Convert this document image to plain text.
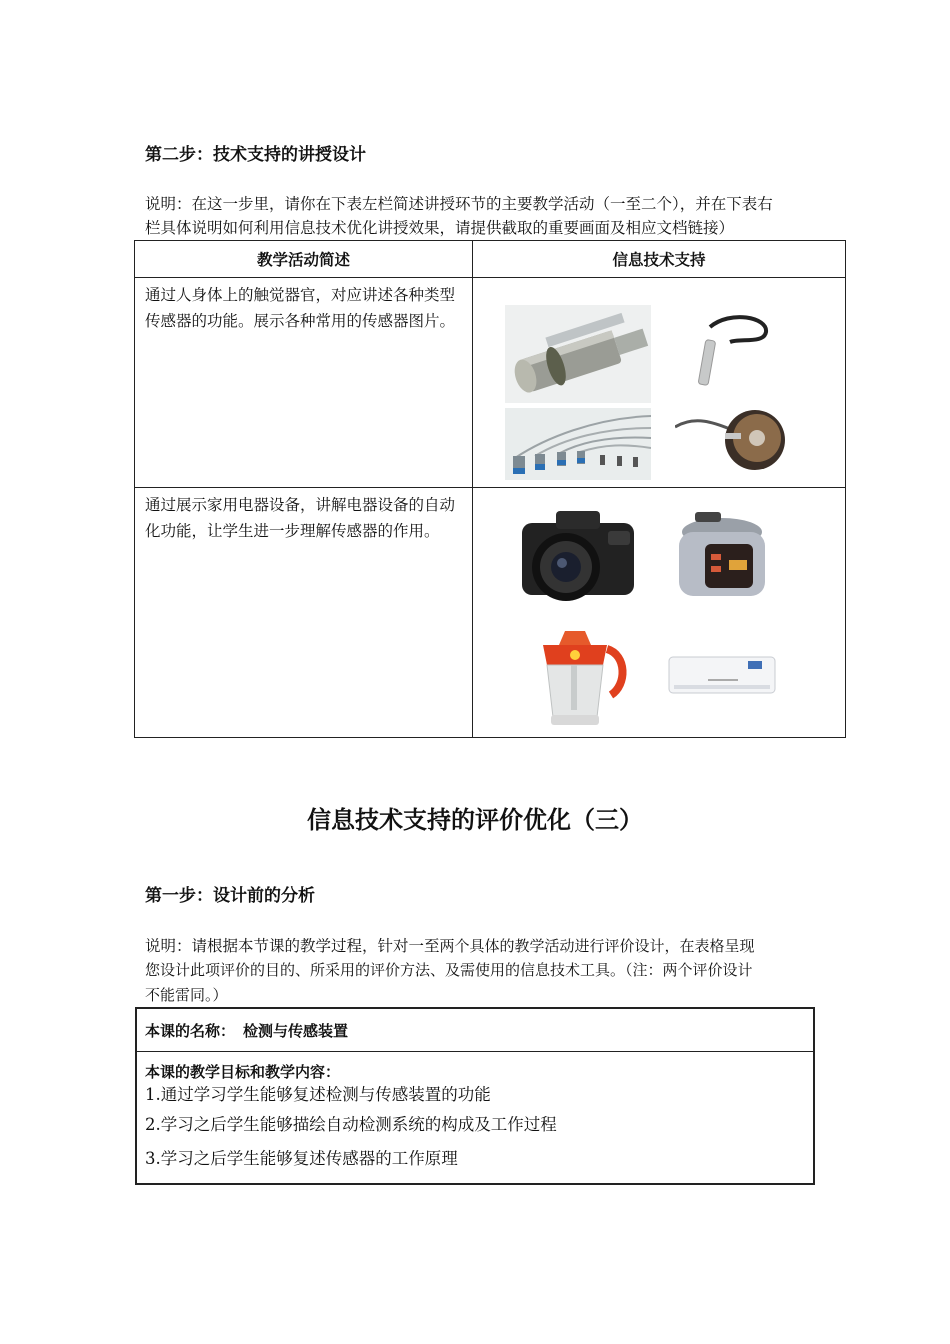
第二步：技术支持的讲授设计
说明：在这一步里，请你在下表左栏简述讲授环节的主要教学活动（一至二个），并在下表右
栏具体说明如何利用信息技术优化讲授效果，请提供截取的重要画面及相应文档链接）
教学活动简述	信息技术支持

通过人身体上的触觉器官，对应讲述各种类型传感器的功能。展示各种常用的传感器图片。	

通过展示家用电器设备，讲解电器设备的自动化功能，让学生进一步理解传感器的作用。	

信息技术支持的评价优化（三）
第一步：设计前的分析
说明：请根据本节课的教学过程，针对一至两个具体的教学活动进行评价设计，在表格呈现
您设计此项评价的目的、所采用的评价方法、及需使用的信息技术工具。（注：两个评价设计
不能雷同。）
本课的名称： 检测与传感装置
本课的教学目标和教学内容：
1.通过学习学生能够复述检测与传感装置的功能
2.学习之后学生能够描绘自动检测系统的构成及工作过程
3.学习之后学生能够复述传感器的工作原理
